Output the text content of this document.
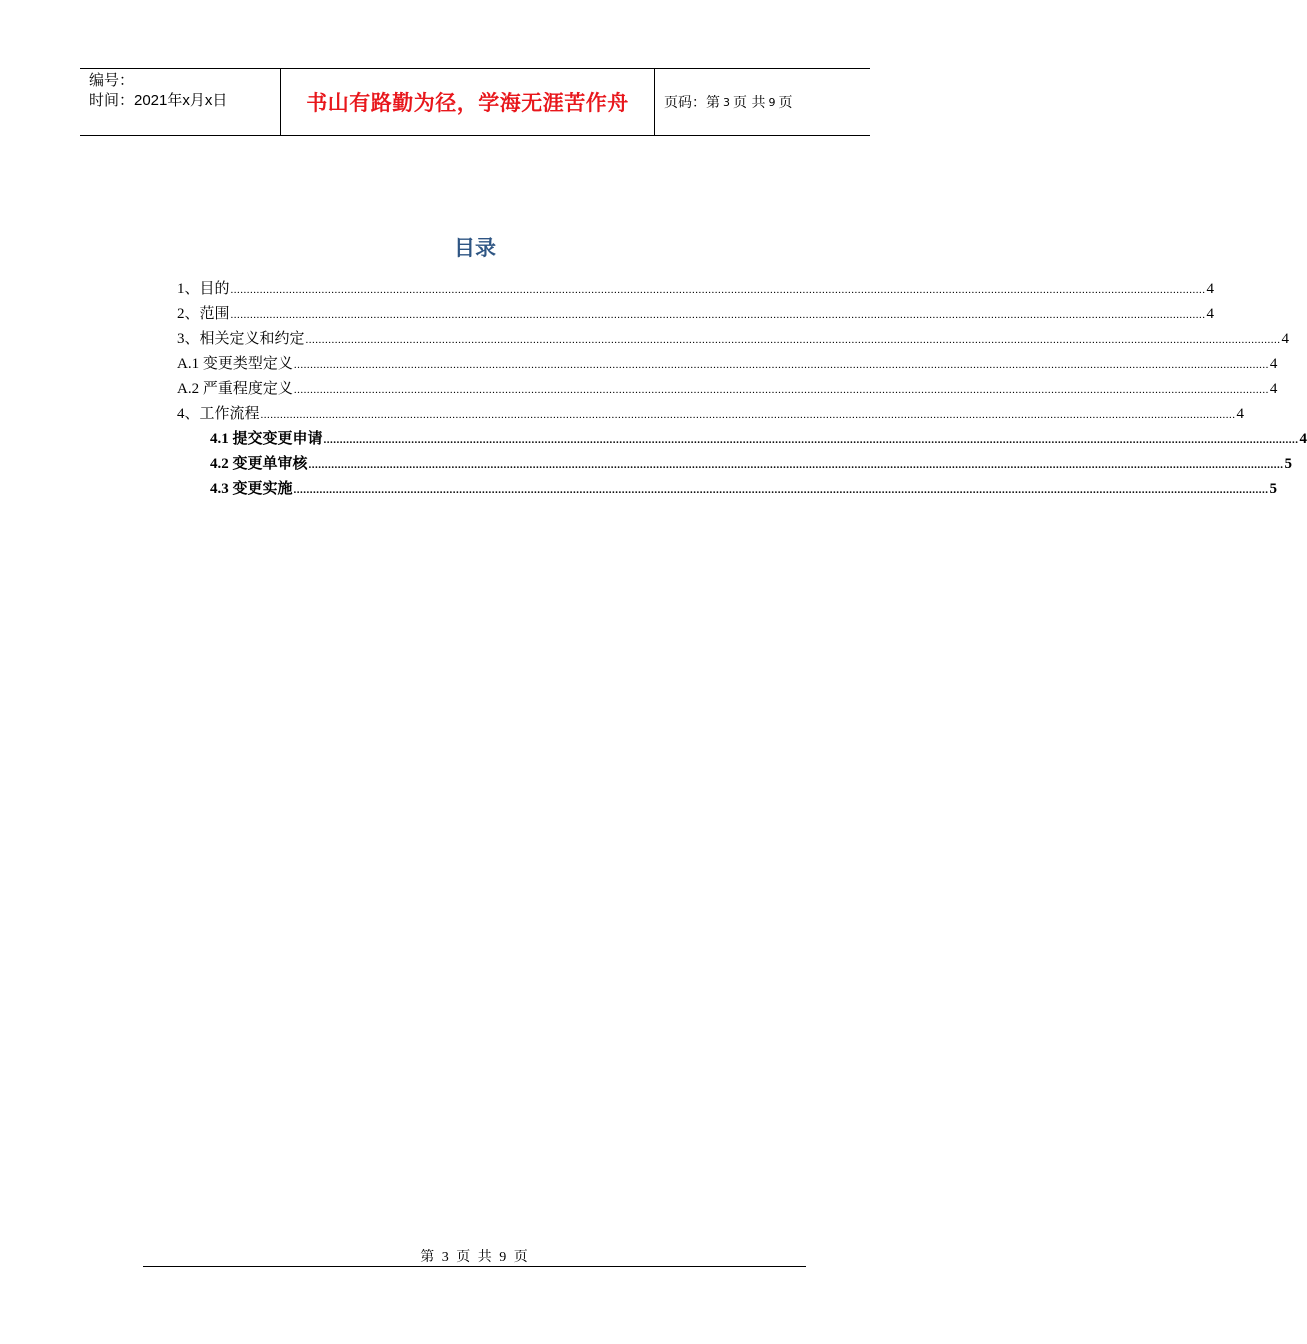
编号：
时间：2021年x月x日	书山有路勤为径，学海无涯苦作舟	页码：第 3 页 共 9 页
目录
1、目的 ............................................................................................................................................................................................................................................................................................................ 4
2、范围 ............................................................................................................................................................................................................................................................................................................ 4
3、相关定义和约定 ............................................................................................................................................................................................................................................................................................................ 4
A.1 变更类型定义 ............................................................................................................................................................................................................................................................................................................ 4
A.2 严重程度定义 ............................................................................................................................................................................................................................................................................................................ 4
4、工作流程 ............................................................................................................................................................................................................................................................................................................ 4
4.1 提交变更申请 ............................................................................................................................................................................................................................................................................................................ 4
4.2 变更单审核 ............................................................................................................................................................................................................................................................................................................ 5
4.3 变更实施 ............................................................................................................................................................................................................................................................................................................ 5
第 3 页 共 9 页
